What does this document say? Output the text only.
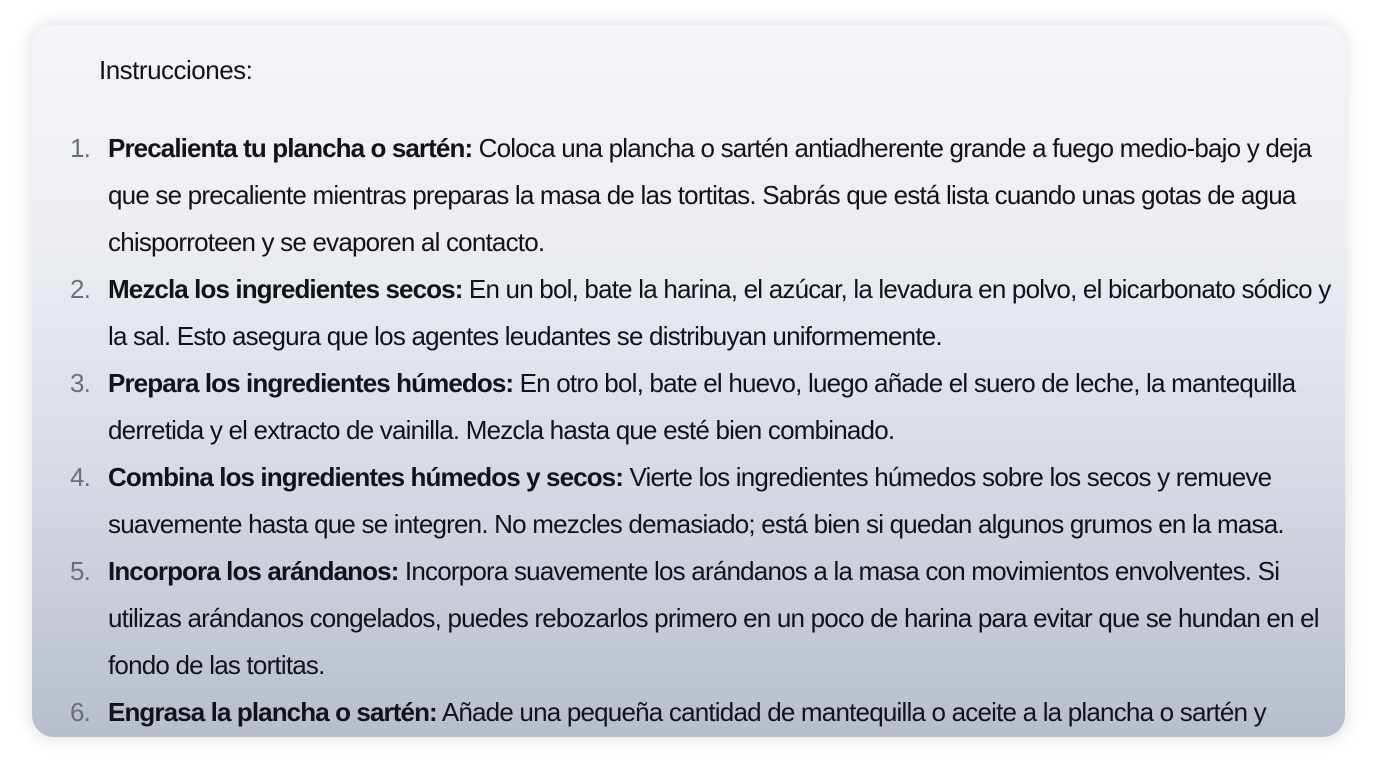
Instrucciones:
1. Precalienta tu plancha o sartén: Coloca una plancha o sartén antiadherente grande a fuego medio-bajo y deja que se precaliente mientras preparas la masa de las tortitas. Sabrás que está lista cuando unas gotas de agua chisporroteen y se evaporen al contacto.
2. Mezcla los ingredientes secos: En un bol, bate la harina, el azúcar, la levadura en polvo, el bicarbonato sódico y la sal. Esto asegura que los agentes leudantes se distribuyan uniformemente.
3. Prepara los ingredientes húmedos: En otro bol, bate el huevo, luego añade el suero de leche, la mantequilla derretida y el extracto de vainilla. Mezcla hasta que esté bien combinado.
4. Combina los ingredientes húmedos y secos: Vierte los ingredientes húmedos sobre los secos y remueve suavemente hasta que se integren. No mezcles demasiado; está bien si quedan algunos grumos en la masa.
5. Incorpora los arándanos: Incorpora suavemente los arándanos a la masa con movimientos envolventes. Si utilizas arándanos congelados, puedes rebozarlos primero en un poco de harina para evitar que se hundan en el fondo de las tortitas.
6. Engrasa la plancha o sartén: Añade una pequeña cantidad de mantequilla o aceite a la plancha o sartén y
